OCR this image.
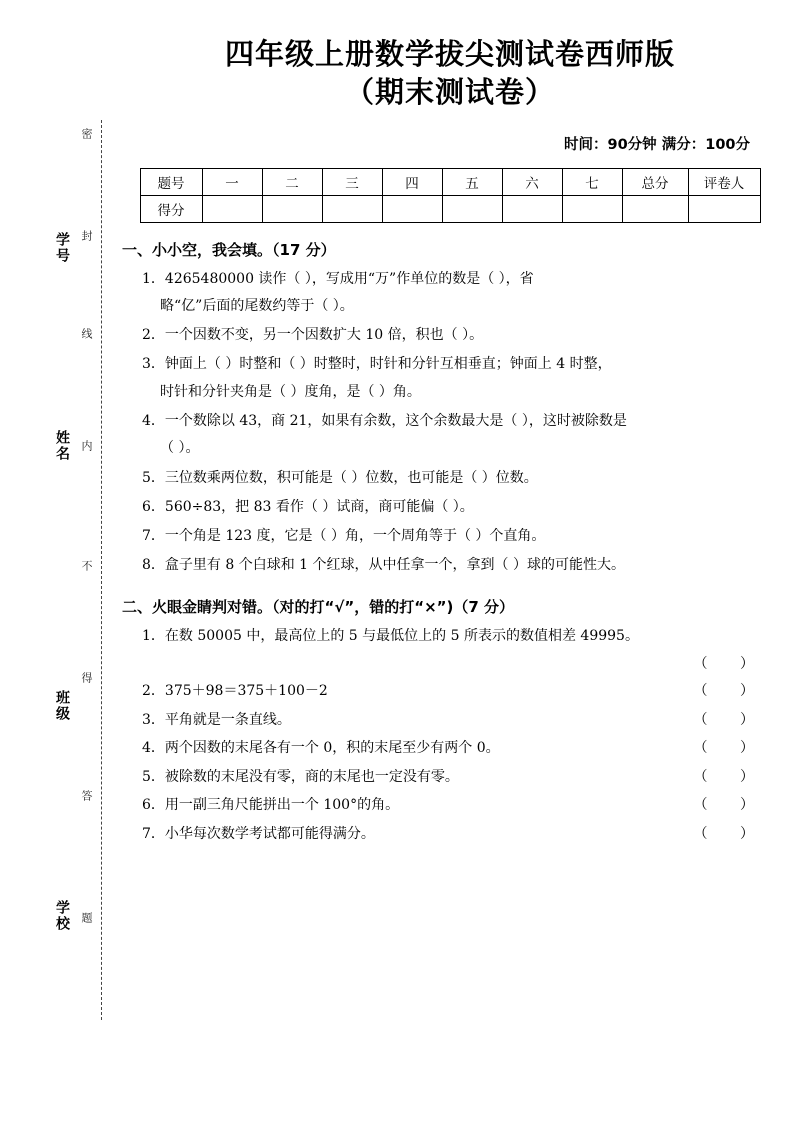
密
学号 封
线
姓名 内
不
班级
得
答
学校 题
四年级上册数学拔尖测试卷西师版
（期末测试卷）
时间：90分钟 满分：100分
题号	一	二	三	四	五	六	七	总分	评卷人
得分									
一、小小空，我会填。（17 分）
1．4265480000 读作（ ），写成用“万”作单位的数是（ ），省
略“亿”后面的尾数约等于（ ）。
2．一个因数不变，另一个因数扩大 10 倍，积也（ ）。
3．钟面上（ ）时整和（ ）时整时，时针和分针互相垂直；钟面上 4 时整，
时针和分针夹角是（ ）度角，是（ ）角。
4．一个数除以 43，商 21，如果有余数，这个余数最大是（ ），这时被除数是
（ ）。
5．三位数乘两位数，积可能是（ ）位数，也可能是（ ）位数。
6．560÷83，把 83 看作（ ）试商，商可能偏（ ）。
7．一个角是 123 度，它是（ ）角，一个周角等于（ ）个直角。
8．盒子里有 8 个白球和 1 个红球，从中任拿一个，拿到（ ）球的可能性大。
二、火眼金睛判对错。（对的打“√”，错的打“×”)（7 分）
1．在数 50005 中，最高位上的 5 与最低位上的 5 所表示的数值相差 49995。
（ ）
2．375＋98＝375＋100－2	（ ）
3．平角就是一条直线。	（ ）
4．两个因数的末尾各有一个 0，积的末尾至少有两个 0。	（ ）
5．被除数的末尾没有零，商的末尾也一定没有零。	（ ）
6．用一副三角尺能拼出一个 100°的角。	（ ）
7．小华每次数学考试都可能得满分。	（ ）
